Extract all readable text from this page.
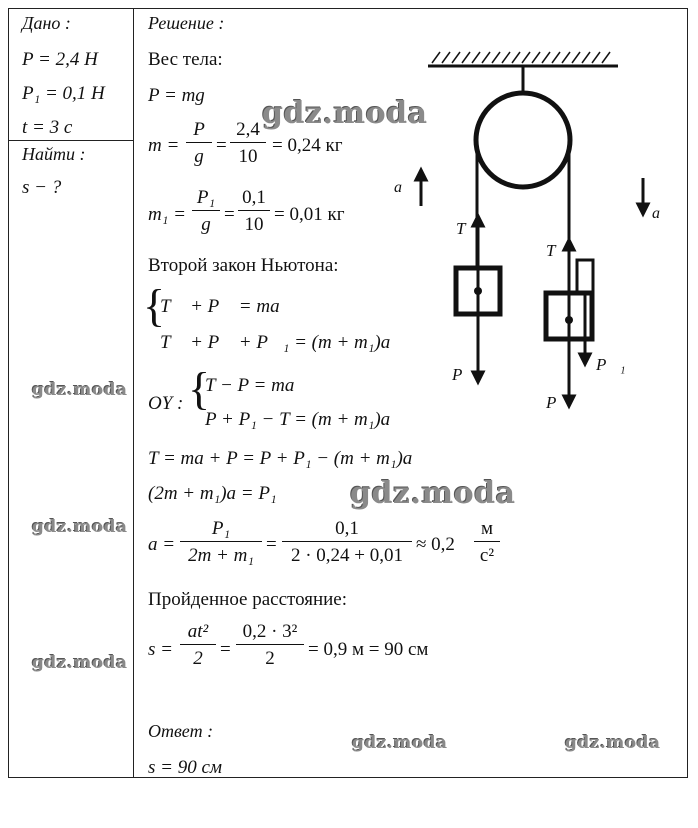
Дано :
P = 2,4 Н
P₁ = 0,1 Н
t = 3 с
Найти :
s − ?
Решение :
Вес тела:
P = mg
$m = \frac{P}{g} = \frac{2,4}{10} = 0,24$ кг
$m_1 = \frac{\text{P₁}}{g} = \frac{0,1}{10} = 0,01$ кг
Второй закон Ньютона:
{
T⃗ + P⃗ = ma⃗
T⃗ + P⃗ + P⃗₁ = (m + m₁)a⃗
OY : {
T − P = ma
P + P₁ − T = (m + m₁)a
T = ma + P = P + P₁ − (m + m₁)a
(2m + m₁)a = P₁
$a = \frac{\text{P₁}}{\text{2m + m₁}} = \frac{0,1}{2 \cdot 0,24 + 0,01} \approx 0,2$
м
с²
Пройденное расстояние:
$s = \frac{\text{at²}}{2} = \frac{\text{0,2 · 3²}}{2} = 0,9$ м = 90 см
Ответ :
s = 90 см
a⃗
a⃗
T⃗
T⃗
P⃗
P⃗
P⃗₁
gdz.moda
gdz.moda
gdz.moda
gdz.moda
gdz.moda
gdz.moda	gdz.moda
